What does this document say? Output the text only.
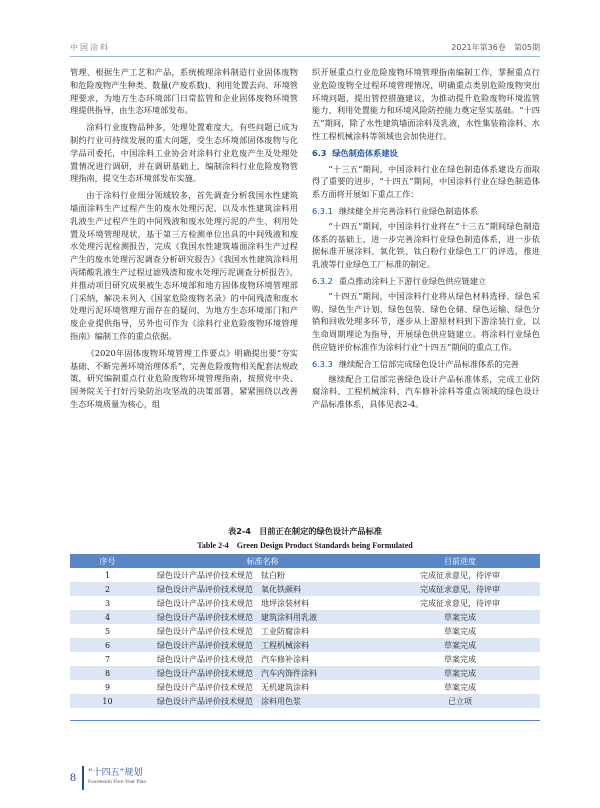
中国涂料	2021年第36卷　第05期

管理、根据生产工艺和产品，系统梳理涂料制造行业固体废物和危险废物产生种类、数量(产废系数)、利用处置去向、环境管理要求，为地方生态环境部门日常监管和企业固体废物环境管理提供指导，由生态环境部发布。

涂料行业废物品种多，处理处置难度大，有些问题已成为制约行业可持续发展的重大问题，受生态环境部固体废物与化学品司委托，中国涂料工业协会对涂料行业危废产生及处理处置情况进行调研，并在调研基础上，编制涂料行业危险废物管理指南，提交生态环境部发布实施。

由于涂料行业细分领域较多，首先调查分析我国水性建筑墙面涂料生产过程产生的废水处理污泥，以及水性建筑涂料用乳液生产过程产生的中间残液和废水处理污泥的产生、利用处置及环境管理现状，基于第三方检测单位出具的中间残液和废水处理污泥检测报告，完成《我国水性建筑墙面涂料生产过程产生的废水处理污泥调查分析研究报告》《我国水性建筑涂料用丙烯酸乳液生产过程过滤残渣和废水处理污泥调查分析报告》，并推动项目研究成果被生态环境部和地方固体废物环境管理部门采纳，解决未列入《国家危险废物名录》的中间残渣和废水处理污泥环境管理方面存在的疑问，为地方生态环境部门和产废企业提供指导，另外也可作为《涂料行业危险废物环境管理指南》编制工作的重点依据。

《2020年固体废物环境管理工作要点》明确提出要“夯实基础、不断完善环境治理体系”，完善危险废物相关配套法规政策，研究编制重点行业危险废物环境管理指南，按照党中央、国务院关于打好污染防治攻坚战的决策部署，紧紧围绕以改善生态环境质量为核心，组

织开展重点行业危险废物环境管理指南编制工作，掌握重点行业危险废物全过程环境管理情况，明确重点类别危险废物突出环境问题，提出管控措施建议，为推动提升危险废物环境监管能力、利用处置能力和环境风险防控能力奠定坚实基础。“十四五”期间，除了水性建筑墙面涂料及乳液，水性集装箱涂料、水性工程机械涂料等领域也会加快进行。

6.3 绿色制造体系建设

“十三五”期间，中国涂料行业在绿色制造体系建设方面取得了重要的进步，“十四五”期间，中国涂料行业在绿色制造体系方面将开展如下重点工作：

6.3.1 继续健全并完善涂料行业绿色制造体系

“十四五”期间，中国涂料行业将在“十三五”期间绿色制造体系的基础上，进一步完善涂料行业绿色制造体系，进一步依据标准开展涂料、氧化铁、钛白粉行业绿色工厂的评选，推进乳液等行业绿色工厂标准的制定。

6.3.2 重点推动涂料上下游行业绿色供应链建立

“十四五”期间，中国涂料行业将从绿色材料选择、绿色采购、绿色生产计划、绿色包装、绿色仓储、绿色运输、绿色分销和回收处理多环节，逐步从上游原材料到下游涂装行业，以生命周期理论为指导，开展绿色供应链建立。将涂料行业绿色供应链评价标准作为涂料行业“十四五”期间的重点工作。

6.3.3 继续配合工信部完成绿色设计产品标准体系的完善

继续配合工信部完善绿色设计产品标准体系，完成工业防腐涂料、工程机械涂料、汽车修补涂料等重点领域的绿色设计产品标准体系，具体见表2-4。

表2-4　目前正在制定的绿色设计产品标准
Table 2-4　Green Design Product Standards being Formulated
序号	标准名称	目前进度
1	绿色设计产品评价技术规范　钛白粉	完成征求意见，待评审
2	绿色设计产品评价技术规范　氧化铁颜料	完成征求意见，待评审
3	绿色设计产品评价技术规范　地坪涂装材料	完成征求意见，待评审
4	绿色设计产品评价技术规范　建筑涂料用乳液	草案完成
5	绿色设计产品评价技术规范　工业防腐涂料	草案完成
6	绿色设计产品评价技术规范　工程机械涂料	草案完成
7	绿色设计产品评价技术规范　汽车修补涂料	草案完成
8	绿色设计产品评价技术规范　汽车内饰件涂料	草案完成
9	绿色设计产品评价技术规范　无机建筑涂料	草案完成
10	绿色设计产品评价技术规范　涂料用色浆	已立项
8 “十四五”规划
Fourteenth Five-Year Plan
